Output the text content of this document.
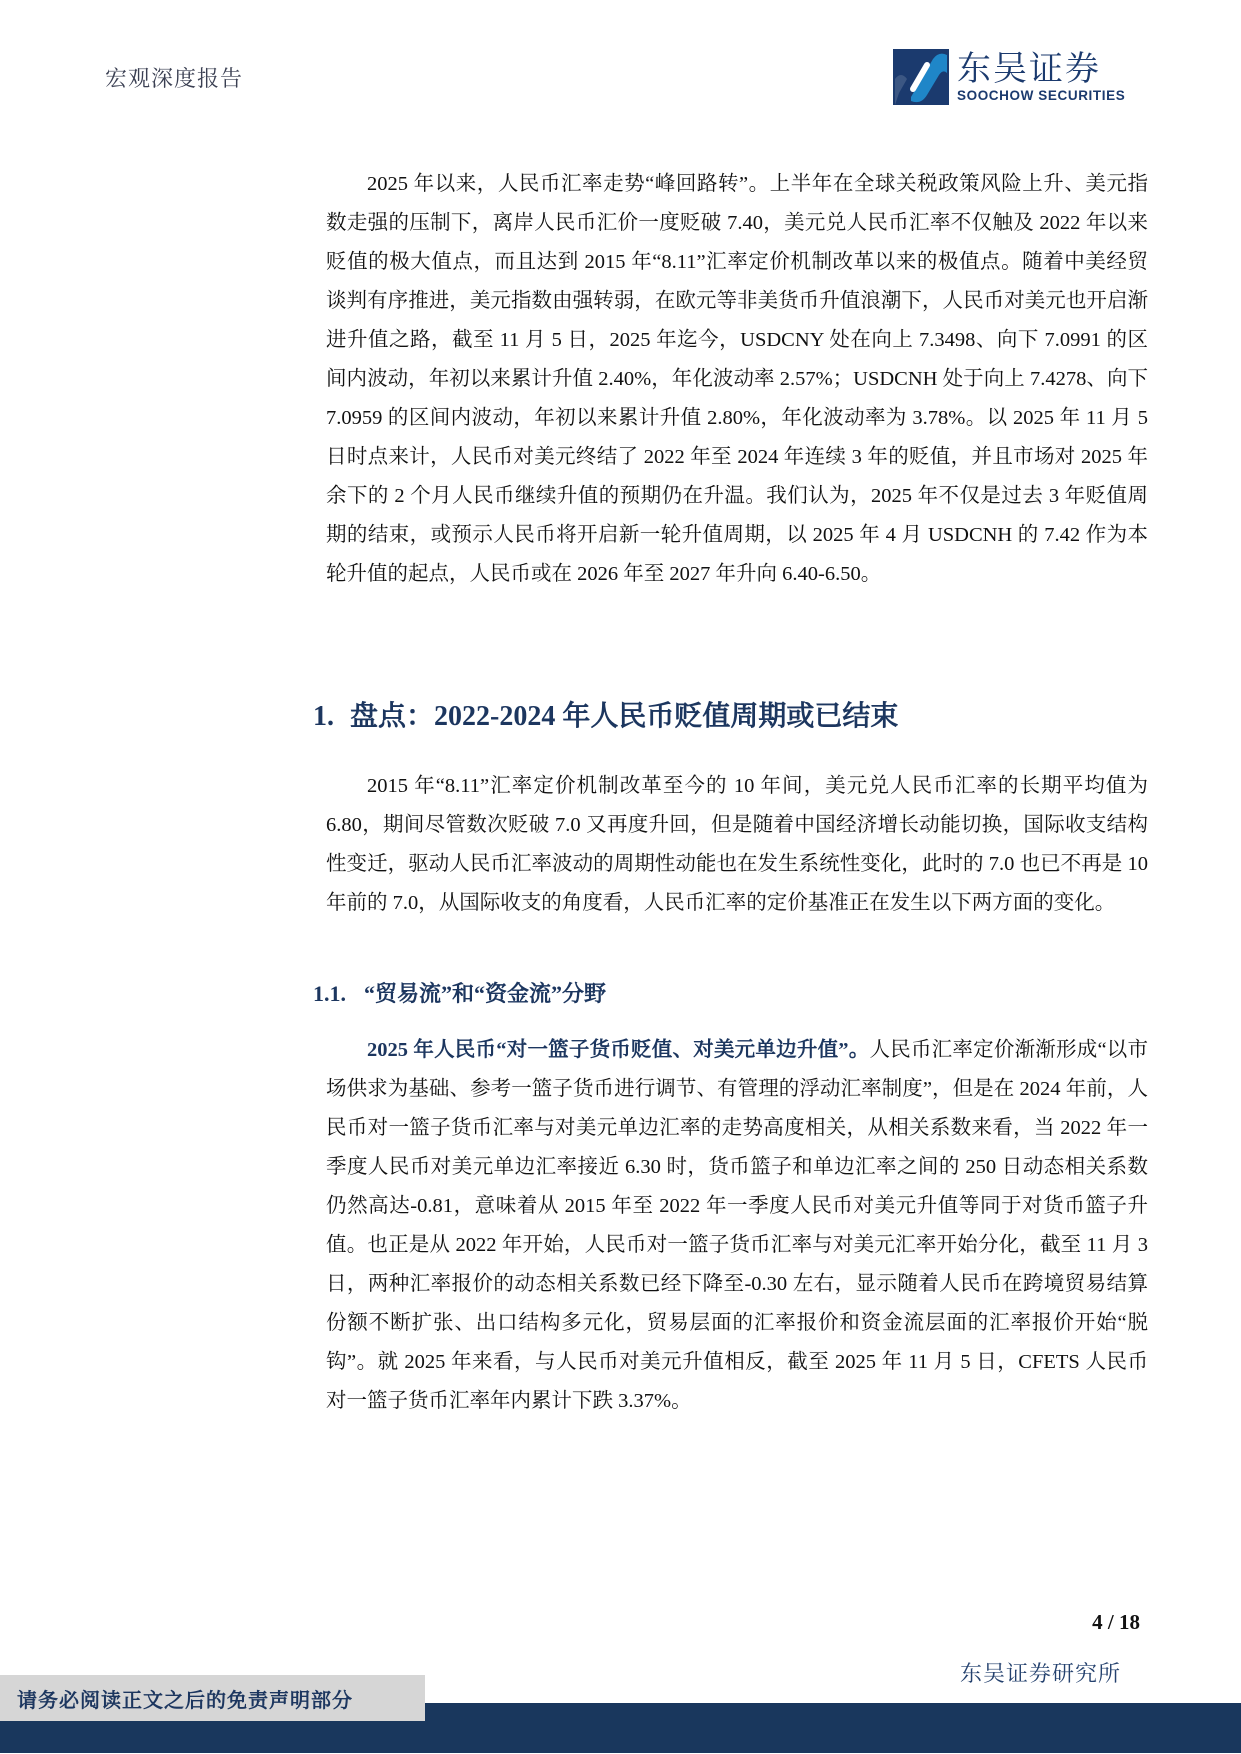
宏观深度报告	东吴证券
SOOCHOW SECURITIES

2025 年以来，人民币汇率走势“峰回路转”。上半年在全球关税政策风险上升、美元指数走强的压制下，离岸人民币汇价一度贬破 7.40，美元兑人民币汇率不仅触及 2022 年以来贬值的极大值点，而且达到 2015 年“8.11”汇率定价机制改革以来的极值点。随着中美经贸谈判有序推进，美元指数由强转弱，在欧元等非美货币升值浪潮下，人民币对美元也开启渐进升值之路，截至 11 月 5 日，2025 年迄今，USDCNY 处在向上 7.3498、向下 7.0991 的区间内波动，年初以来累计升值 2.40%，年化波动率 2.57%；USDCNH 处于向上 7.4278、向下 7.0959 的区间内波动，年初以来累计升值 2.80%，年化波动率为 3.78%。以 2025 年 11 月 5 日时点来计，人民币对美元终结了 2022 年至 2024 年连续 3 年的贬值，并且市场对 2025 年余下的 2 个月人民币继续升值的预期仍在升温。我们认为，2025 年不仅是过去 3 年贬值周期的结束，或预示人民币将开启新一轮升值周期，以 2025 年 4 月 USDCNH 的 7.42 作为本轮升值的起点，人民币或在 2026 年至 2027 年升向 6.40-6.50。

1. 盘点：2022-2024 年人民币贬值周期或已结束

2015 年“8.11”汇率定价机制改革至今的 10 年间，美元兑人民币汇率的长期平均值为 6.80，期间尽管数次贬破 7.0 又再度升回，但是随着中国经济增长动能切换，国际收支结构性变迁，驱动人民币汇率波动的周期性动能也在发生系统性变化，此时的 7.0 也已不再是 10 年前的 7.0，从国际收支的角度看，人民币汇率的定价基准正在发生以下两方面的变化。

1.1. “贸易流”和“资金流”分野

2025 年人民币“对一篮子货币贬值、对美元单边升值”。人民币汇率定价渐渐形成“以市场供求为基础、参考一篮子货币进行调节、有管理的浮动汇率制度”，但是在 2024 年前，人民币对一篮子货币汇率与对美元单边汇率的走势高度相关，从相关系数来看，当 2022 年一季度人民币对美元单边汇率接近 6.30 时，货币篮子和单边汇率之间的 250 日动态相关系数仍然高达-0.81，意味着从 2015 年至 2022 年一季度人民币对美元升值等同于对货币篮子升值。也正是从 2022 年开始，人民币对一篮子货币汇率与对美元汇率开始分化，截至 11 月 3 日，两种汇率报价的动态相关系数已经下降至-0.30 左右，显示随着人民币在跨境贸易结算份额不断扩张、出口结构多元化，贸易层面的汇率报价和资金流层面的汇率报价开始“脱钩”。就 2025 年来看，与人民币对美元升值相反，截至 2025 年 11 月 5 日，CFETS 人民币对一篮子货币汇率年内累计下跌 3.37%。

4 / 18
东吴证券研究所
请务必阅读正文之后的免责声明部分
